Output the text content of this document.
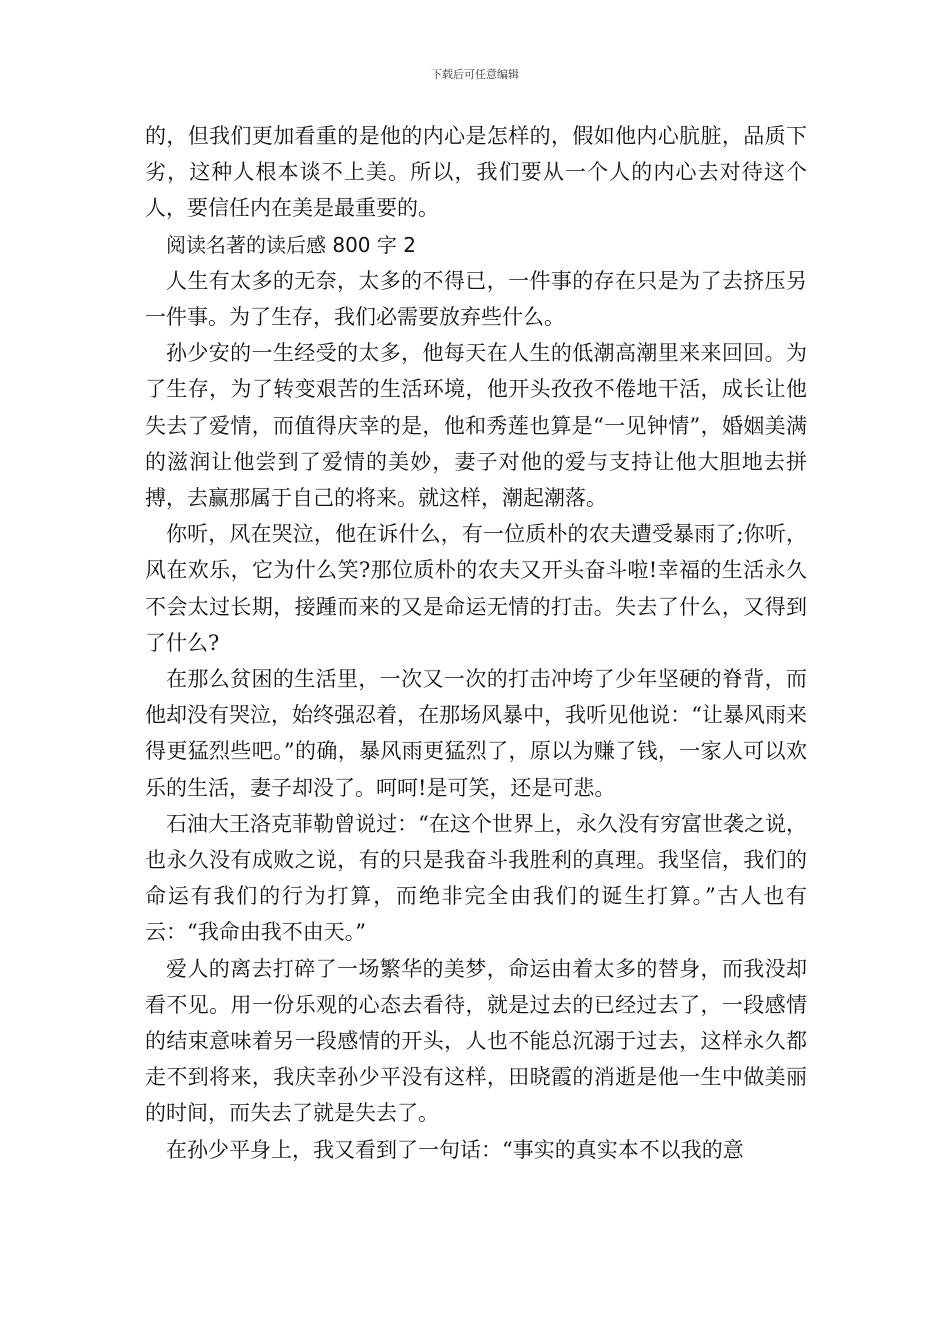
下载后可任意编辑

的，但我们更加看重的是他的内心是怎样的，假如他内心肮脏，品质下劣，这种人根本谈不上美。所以，我们要从一个人的内心去对待这个人，要信任内在美是最重要的。

阅读名著的读后感 800 字 2

人生有太多的无奈，太多的不得已，一件事的存在只是为了去挤压另一件事。为了生存，我们必需要放弃些什么。

孙少安的一生经受的太多，他每天在人生的低潮高潮里来来回回。为了生存，为了转变艰苦的生活环境，他开头孜孜不倦地干活，成长让他失去了爱情，而值得庆幸的是，他和秀莲也算是“一见钟情”，婚姻美满的滋润让他尝到了爱情的美妙，妻子对他的爱与支持让他大胆地去拼搏，去赢那属于自己的将来。就这样，潮起潮落。

你听，风在哭泣，他在诉什么，有一位质朴的农夫遭受暴雨了;你听，风在欢乐，它为什么笑?那位质朴的农夫又开头奋斗啦!幸福的生活永久不会太过长期，接踵而来的又是命运无情的打击。失去了什么，又得到了什么?

在那么贫困的生活里，一次又一次的打击冲垮了少年坚硬的脊背，而他却没有哭泣，始终强忍着，在那场风暴中，我听见他说：“让暴风雨来得更猛烈些吧。”的确，暴风雨更猛烈了，原以为赚了钱，一家人可以欢乐的生活，妻子却没了。呵呵!是可笑，还是可悲。

石油大王洛克菲勒曾说过：“在这个世界上，永久没有穷富世袭之说，也永久没有成败之说，有的只是我奋斗我胜利的真理。我坚信，我们的命运有我们的行为打算，而绝非完全由我们的诞生打算。”古人也有云：“我命由我不由天。”

爱人的离去打碎了一场繁华的美梦，命运由着太多的替身，而我没却看不见。用一份乐观的心态去看待，就是过去的已经过去了，一段感情的结束意味着另一段感情的开头，人也不能总沉溺于过去，这样永久都走不到将来，我庆幸孙少平没有这样，田晓霞的消逝是他一生中做美丽的时间，而失去了就是失去了。

在孙少平身上，我又看到了一句话：“事实的真实本不以我的意
